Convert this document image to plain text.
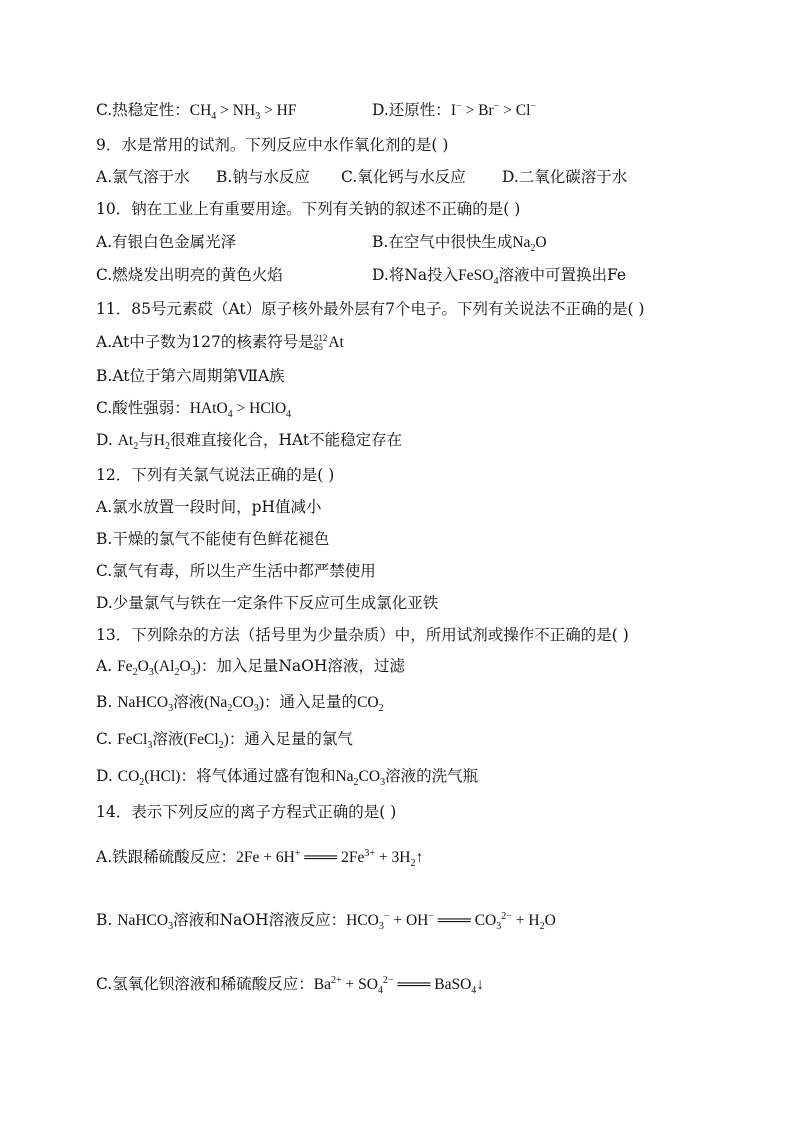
C.热稳定性：$CH_4 > NH_3$ > HF	D.还原性：I− > Br− > Cl−
9．水是常用的试剂。下列反应中水作氧化剂的是( )
A.氯气溶于水 B.钠与水反应 C.氧化钙与水反应 D.二氧化碳溶于水
10．钠在工业上有重要用途。下列有关钠的叙述不正确的是( )
A.有银白色金属光泽	B.在空气中很快生成$Na_2O$
C.燃烧发出明亮的黄色火焰	D.将Na投入FeSO$_4$溶液中可置换出Fe
11．85号元素砹（At）原子核外最外层有7个电子。下列有关说法不正确的是( )
A.At中子数为127的核素符号是 212
85 At
B.At位于第六周期第ⅦA族
C.酸性强弱：HAtO$_4$ > HClO$_4$
D. $At_2$与$H_2$很难直接化合，HAt不能稳定存在
12．下列有关氯气说法正确的是( )
A.氯水放置一段时间，pH值减小
B.干燥的氯气不能使有色鲜花褪色
C.氯气有毒，所以生产生活中都严禁使用
D.少量氯气与铁在一定条件下反应可生成氯化亚铁
13．下列除杂的方法（括号里为少量杂质）中，所用试剂或操作不正确的是( )
A. $Fe_2O_3(Al_2O_3)$：加入足量NaOH溶液，过滤
B. NaHCO$_3$溶液$(Na_2CO_3)$：通入足量的$CO_2$
C. FeCl$_3$溶液(FeCl$_2$)：通入足量的氯气
D. $CO_2(HCl)$：将气体通过盛有饱和$Na_2CO_3$溶液的洗气瓶
14．表示下列反应的离子方程式正确的是( )
A.铁跟稀硫酸反应：2Fe + 6H+ ═══ $2Fe^{3+}$ + $3H_2↑$
B. NaHCO$_3$溶液和NaOH溶液反应：$HCO_3^- + OH^-$ ═══ $CO_3^{2-} + H_2O$
C.氢氧化钡溶液和稀硫酸反应：$Ba^{2+} + SO_4^{2-}$ ═══ BaSO$_4$↓
